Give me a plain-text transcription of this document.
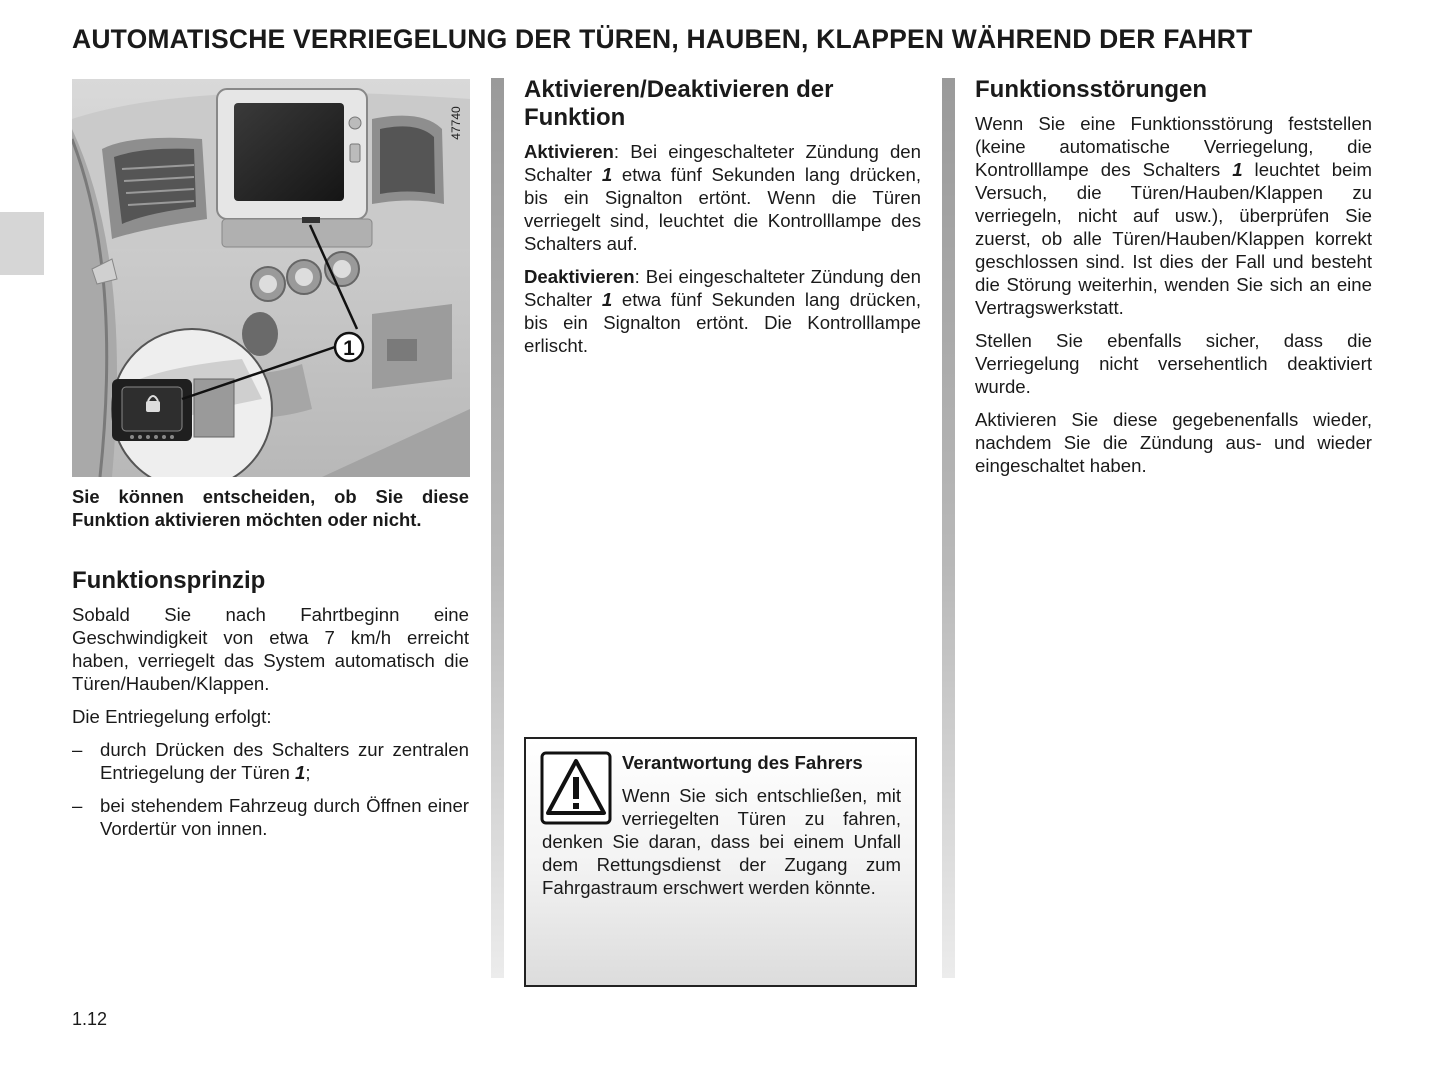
AUTOMATISCHE VERRIEGELUNG DER TÜREN, HAUBEN, KLAPPEN WÄHREND DER FAHRT
1
47740

Sie können entscheiden, ob Sie diese Funktion aktivieren möchten oder nicht.

Funktionsprinzip

Sobald Sie nach Fahrtbeginn eine Geschwindigkeit von etwa 7 km/h erreicht haben, verriegelt das System automatisch die Türen/Hauben/Klappen.

Die Entriegelung erfolgt:

– durch Drücken des Schalters zur zentralen Entriegelung der Türen 1;
– bei stehendem Fahrzeug durch Öffnen einer Vordertür von innen.
Aktivieren/Deaktivieren der Funktion

Aktivieren: Bei eingeschalteter Zündung den Schalter 1 etwa fünf Sekunden lang drücken, bis ein Signalton ertönt. Wenn die Türen verriegelt sind, leuchtet die Kontrolllampe des Schalters auf.

Deaktivieren: Bei eingeschalteter Zündung den Schalter 1 etwa fünf Sekunden lang drücken, bis ein Signalton ertönt. Die Kontrolllampe erlischt.

Verantwortung des Fahrers

Wenn Sie sich entschließen, mit verriegelten Türen zu fahren, denken Sie daran, dass bei einem Unfall dem Rettungsdienst der Zugang zum Fahrgastraum erschwert werden könnte.

Funktionsstörungen

Wenn Sie eine Funktionsstörung feststellen (keine automatische Verriegelung, die Kontrolllampe des Schalters 1 leuchtet beim Versuch, die Türen/Hauben/Klappen zu verriegeln, nicht auf usw.), überprüfen Sie zuerst, ob alle Türen/Hauben/Klappen korrekt geschlossen sind. Ist dies der Fall und besteht die Störung weiterhin, wenden Sie sich an eine Vertragswerkstatt.

Stellen Sie ebenfalls sicher, dass die Verriegelung nicht versehentlich deaktiviert wurde.

Aktivieren Sie diese gegebenenfalls wieder, nachdem Sie die Zündung aus- und wieder eingeschaltet haben.

1.12
